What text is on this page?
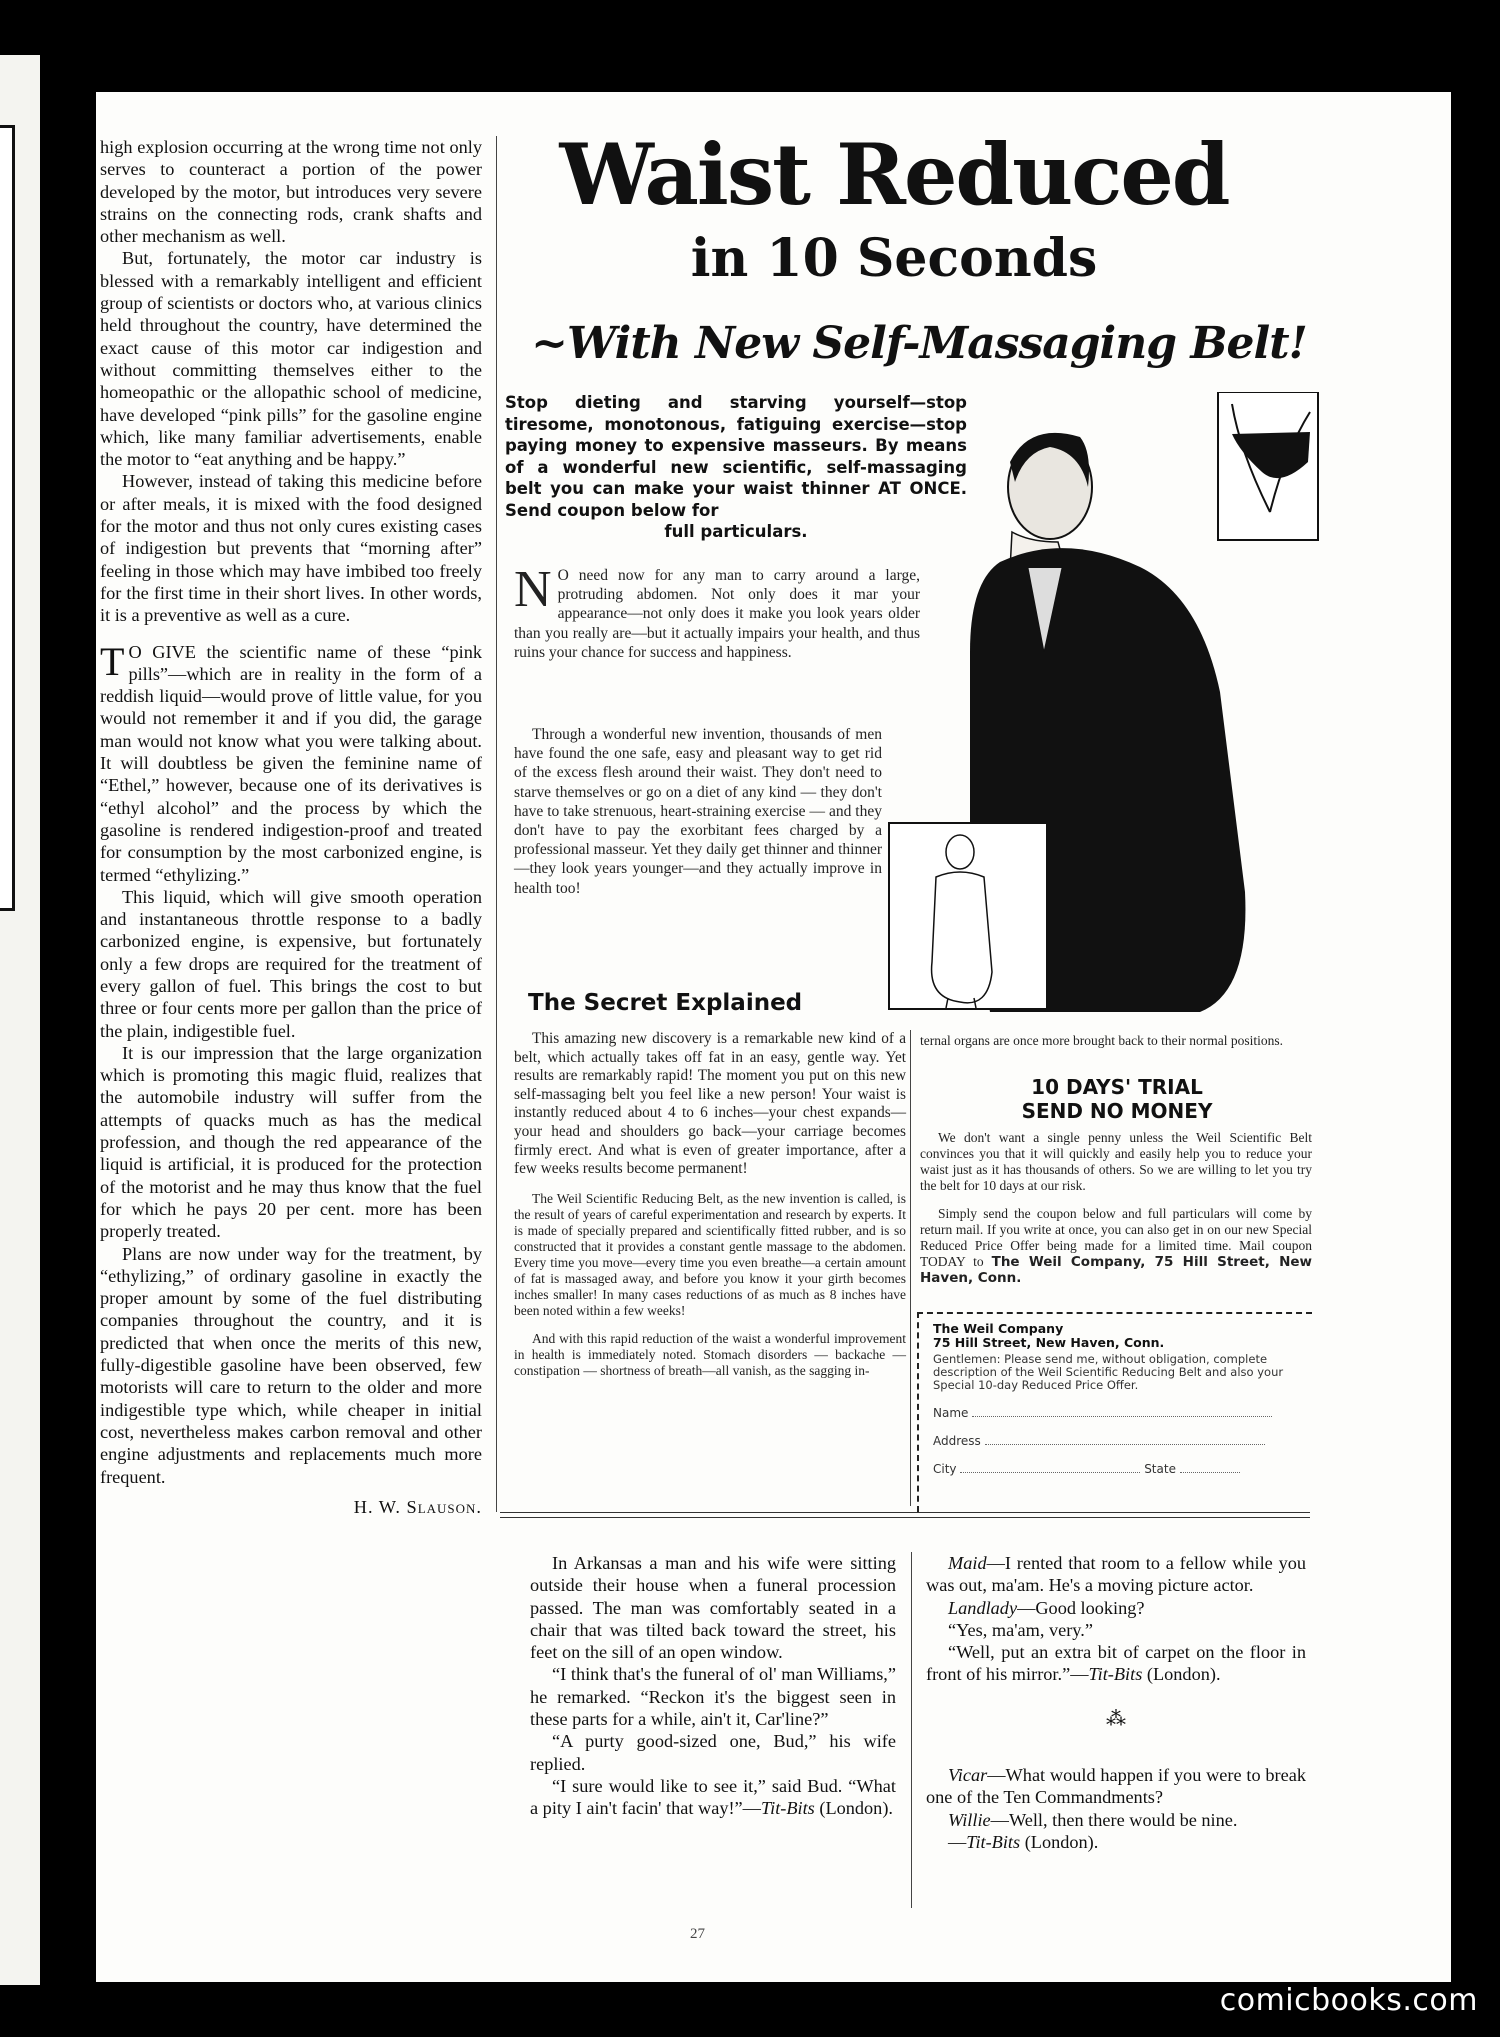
high explosion occurring at the wrong time not only serves to counteract a portion of the power developed by the motor, but introduces very severe strains on the connecting rods, crank shafts and other mechanism as well.

But, fortunately, the motor car industry is blessed with a remarkably intelligent and efficient group of scientists or doctors who, at various clinics held throughout the country, have determined the exact cause of this motor car indigestion and without committing themselves either to the homeopathic or the allopathic school of medicine, have developed “pink pills” for the gasoline engine which, like many familiar advertisements, enable the motor to “eat anything and be happy.”

However, instead of taking this medicine before or after meals, it is mixed with the food designed for the motor and thus not only cures existing cases of indigestion but prevents that “morning after” feeling in those which may have imbibed too freely for the first time in their short lives. In other words, it is a preventive as well as a cure.

T O GIVE the scientific name of these “pink pills”—which are in reality in the form of a reddish liquid—would prove of little value, for you would not remember it and if you did, the garage man would not know what you were talking about. It will doubtless be given the feminine name of “Ethel,” however, because one of its derivatives is “ethyl alcohol” and the process by which the gasoline is rendered indigestion-proof and treated for consumption by the most carbonized engine, is termed “ethylizing.”

This liquid, which will give smooth operation and instantaneous throttle response to a badly carbonized engine, is expensive, but fortunately only a few drops are required for the treatment of every gallon of fuel. This brings the cost to but three or four cents more per gallon than the price of the plain, indigestible fuel.

It is our impression that the large organization which is promoting this magic fluid, realizes that the automobile industry will suffer from the attempts of quacks much as has the medical profession, and though the red appearance of the liquid is artificial, it is produced for the protection of the motorist and he may thus know that the fuel for which he pays 20 per cent. more has been properly treated.

Plans are now under way for the treatment, by “ethylizing,” of ordinary gasoline in exactly the proper amount by some of the fuel distributing companies throughout the country, and it is predicted that when once the merits of this new, fully-digestible gasoline have been observed, few motorists will care to return to the older and more indigestible type which, while cheaper in initial cost, nevertheless makes carbon removal and other engine adjustments and replacements much more frequent.

H. W. Slauson.
Waist Reduced
in 10 Seconds
~With New Self-Massaging Belt!
Stop dieting and starving yourself—stop tiresome, monotonous, fatiguing exercise—stop paying money to expensive masseurs. By means of a wonderful new scientific, self-massaging belt you can make your waist thinner AT ONCE. Send coupon below for
full particulars.

N O need now for any man to carry around a large, protruding abdomen. Not only does it mar your appearance—not only does it make you look years older than you really are—but it actually impairs your health, and thus ruins your chance for success and happiness.

Through a wonderful new invention, thousands of men have found the one safe, easy and pleasant way to get rid of the excess flesh around their waist. They don't need to starve themselves or go on a diet of any kind — they don't have to take strenuous, heart-straining exercise — and they don't have to pay the exorbitant fees charged by a professional masseur. Yet they daily get thinner and thinner—they look years younger—and they actually improve in health too!

The Secret Explained

This amazing new discovery is a remarkable new kind of a belt, which actually takes off fat in an easy, gentle way. Yet results are remarkably rapid! The moment you put on this new self-massaging belt you feel like a new person! Your waist is instantly reduced about 4 to 6 inches—your chest expands—your head and shoulders go back—your carriage becomes firmly erect. And what is even of greater importance, after a few weeks results become permanent!

The Weil Scientific Reducing Belt, as the new invention is called, is the result of years of careful experimentation and research by experts. It is made of specially prepared and scientifically fitted rubber, and is so constructed that it provides a constant gentle massage to the abdomen. Every time you move—every time you even breathe—a certain amount of fat is massaged away, and before you know it your girth becomes inches smaller! In many cases reductions of as much as 8 inches have been noted within a few weeks!

And with this rapid reduction of the waist a wonderful improvement in health is immediately noted. Stomach disorders — backache — constipation — shortness of breath—all vanish, as the sagging in-

ternal organs are once more brought back to their normal positions.
10 DAYS' TRIAL
SEND NO MONEY

We don't want a single penny unless the Weil Scientific Belt convinces you that it will quickly and easily help you to reduce your waist just as it has thousands of others. So we are willing to let you try the belt for 10 days at our risk.

Simply send the coupon below and full particulars will come by return mail. If you write at once, you can also get in on our new Special Reduced Price Offer being made for a limited time. Mail coupon TODAY to The Weil Company, 75 Hill Street, New Haven, Conn.

The Weil Company
75 Hill Street, New Haven, Conn.
Gentlemen: Please send me, without obligation, complete description of the Weil Scientific Reducing Belt and also your Special 10-day Reduced Price Offer.
Name
Address
City	State

In Arkansas a man and his wife were sitting outside their house when a funeral procession passed. The man was comfortably seated in a chair that was tilted back toward the street, his feet on the sill of an open window.

“I think that's the funeral of ol' man Williams,” he remarked. “Reckon it's the biggest seen in these parts for a while, ain't it, Car'line?”

“A purty good-sized one, Bud,” his wife replied.

“I sure would like to see it,” said Bud. “What a pity I ain't facin' that way!”—Tit-Bits (London).

Maid—I rented that room to a fellow while you was out, ma'am. He's a moving picture actor.

Landlady—Good looking?

“Yes, ma'am, very.”

“Well, put an extra bit of carpet on the floor in front of his mirror.”—Tit-Bits (London).

⁂

Vicar—What would happen if you were to break one of the Ten Commandments?

Willie—Well, then there would be nine.

—Tit-Bits (London).

27
comicbooks.com
